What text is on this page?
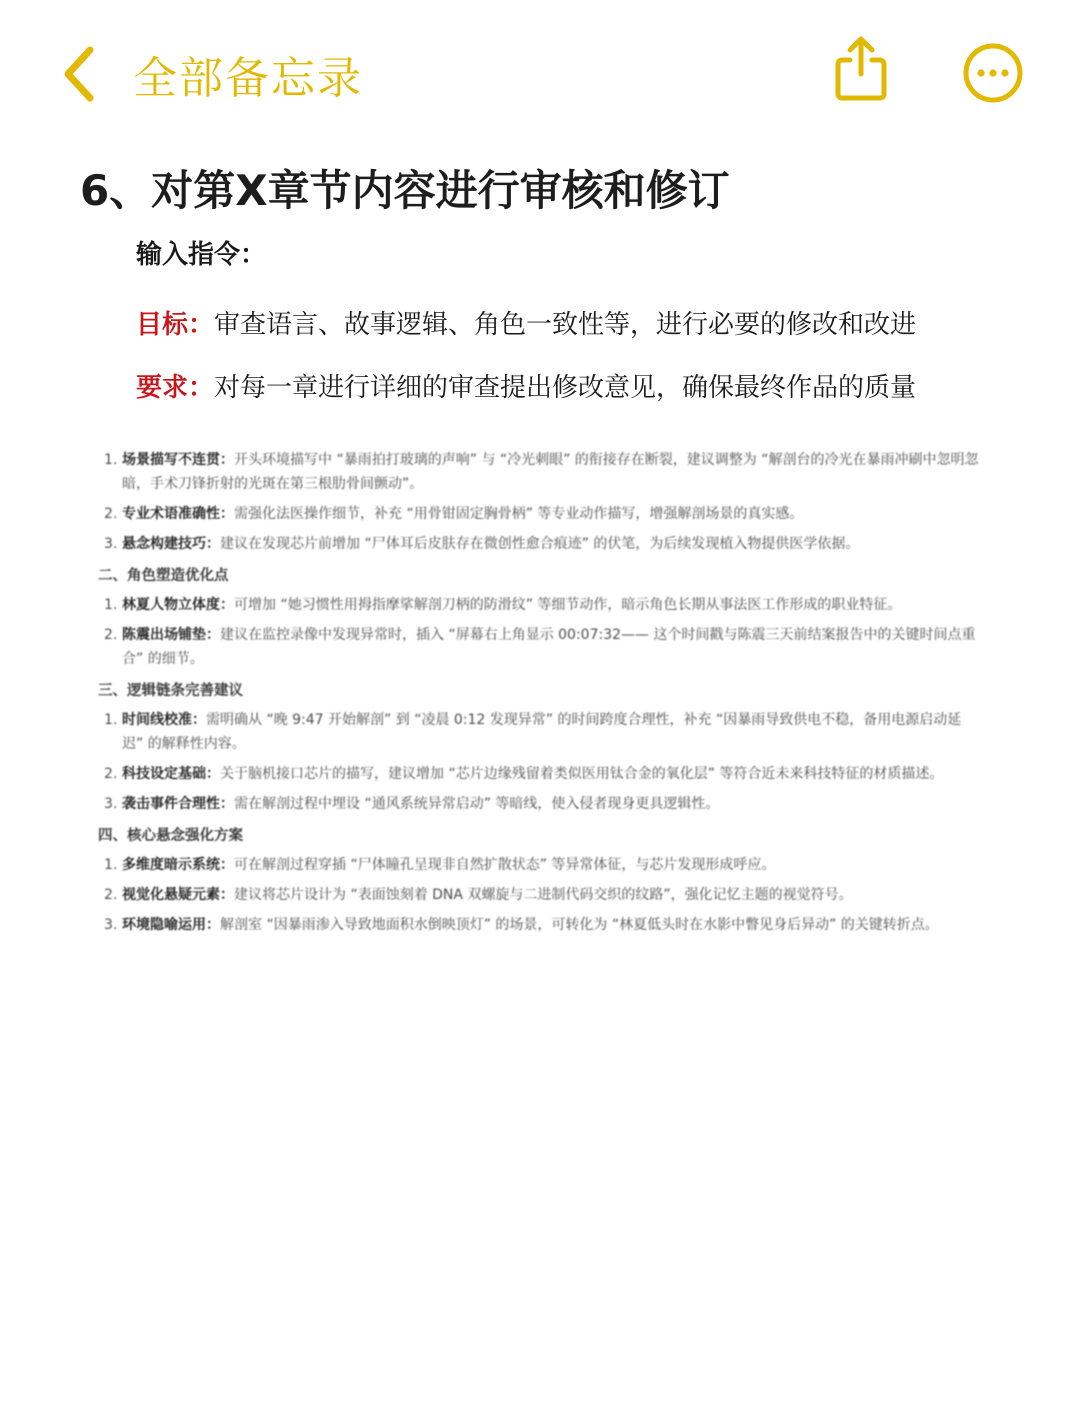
全部备忘录
6、对第X章节内容进行审核和修订
输入指令：
目标：审查语言、故事逻辑、角色一致性等，进行必要的修改和改进
要求：对每一章进行详细的审查提出修改意见，确保最终作品的质量
1. 场景描写不连贯：开头环境描写中 “暴雨拍打玻璃的声响” 与 “冷光刺眼” 的衔接存在断裂，建议调整为 “解剖台的冷光在暴雨冲刷中忽明忽暗，手术刀锋折射的光斑在第三根肋骨间颤动”。
2. 专业术语准确性：需强化法医操作细节，补充 “用骨钳固定胸骨柄” 等专业动作描写，增强解剖场景的真实感。
3. 悬念构建技巧：建议在发现芯片前增加 “尸体耳后皮肤存在微创性愈合痕迹” 的伏笔，为后续发现植入物提供医学依据。
二、角色塑造优化点
1. 林夏人物立体度：可增加 “她习惯性用拇指摩挲解剖刀柄的防滑纹” 等细节动作，暗示角色长期从事法医工作形成的职业特征。
2. 陈震出场铺垫：建议在监控录像中发现异常时，插入 “屏幕右上角显示 00:07:32—— 这个时间戳与陈震三天前结案报告中的关键时间点重合” 的细节。
三、逻辑链条完善建议
1. 时间线校准：需明确从 “晚 9:47 开始解剖” 到 “凌晨 0:12 发现异常” 的时间跨度合理性，补充 “因暴雨导致供电不稳，备用电源启动延迟” 的解释性内容。
2. 科技设定基础：关于脑机接口芯片的描写，建议增加 “芯片边缘残留着类似医用钛合金的氧化层” 等符合近未来科技特征的材质描述。
3. 袭击事件合理性：需在解剖过程中埋设 “通风系统异常启动” 等暗线，使入侵者现身更具逻辑性。
四、核心悬念强化方案
1. 多维度暗示系统：可在解剖过程穿插 “尸体瞳孔呈现非自然扩散状态” 等异常体征，与芯片发现形成呼应。
2. 视觉化悬疑元素：建议将芯片设计为 “表面蚀刻着 DNA 双螺旋与二进制代码交织的纹路”，强化记忆主题的视觉符号。
3. 环境隐喻运用：解剖室 “因暴雨渗入导致地面积水倒映顶灯” 的场景，可转化为 “林夏低头时在水影中瞥见身后异动” 的关键转折点。
